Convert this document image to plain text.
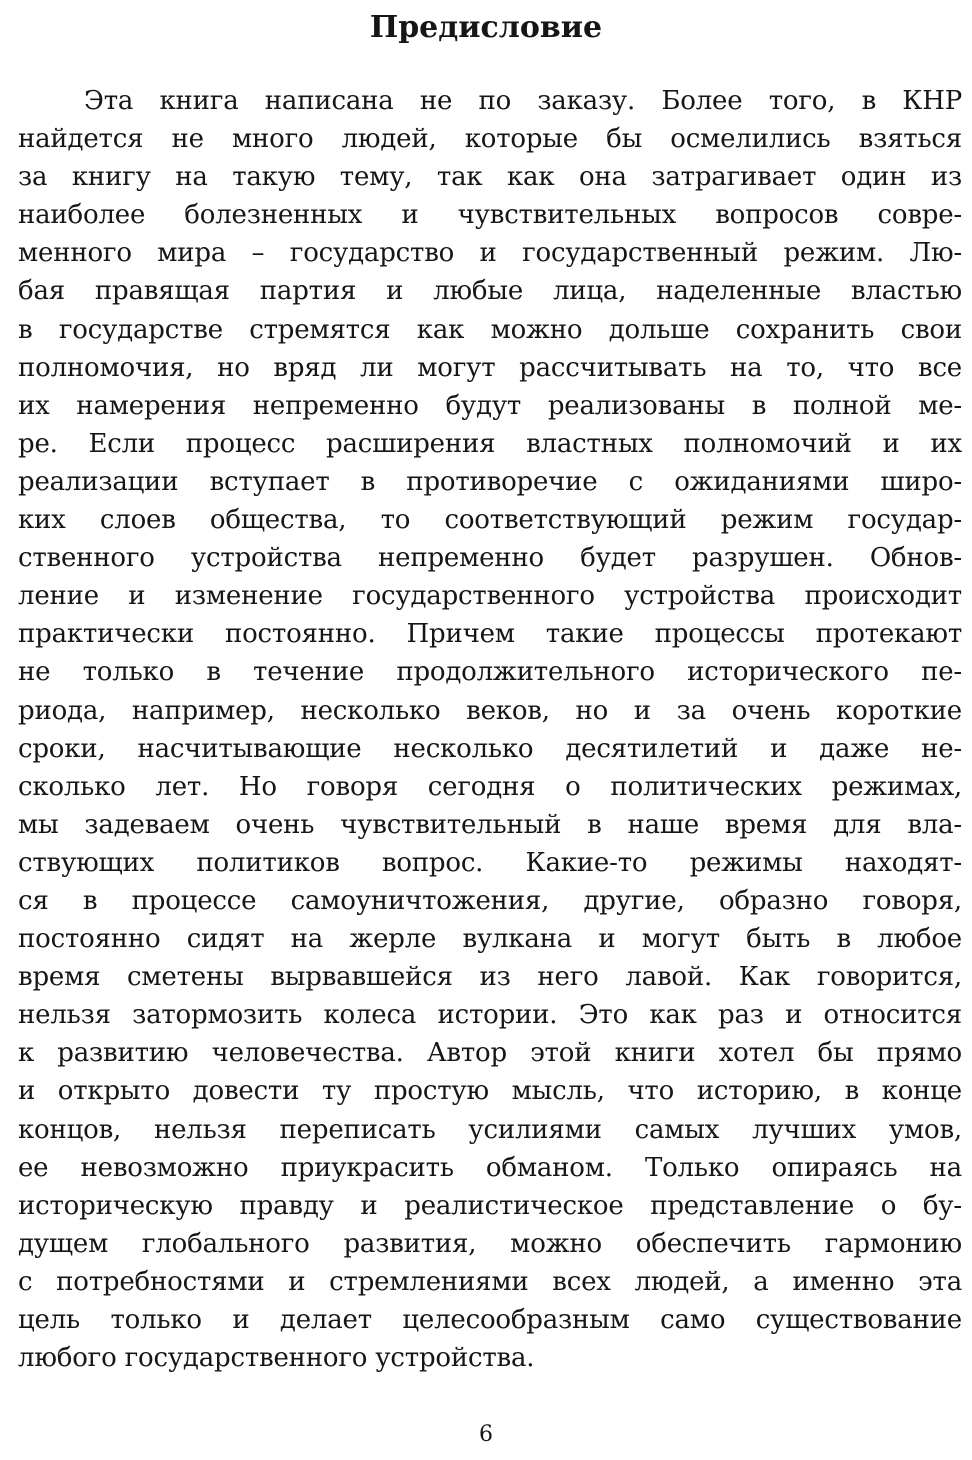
Предисловие
Эта книга написана не по заказу. Более того, в КНР
найдется не много людей, которые бы осмелились взяться
за книгу на такую тему, так как она затрагивает один из
наиболее болезненных и чувствительных вопросов совре-
менного мира – государство и государственный режим. Лю-
бая правящая партия и любые лица, наделенные властью
в государстве стремятся как можно дольше сохранить свои
полномочия, но вряд ли могут рассчитывать на то, что все
их намерения непременно будут реализованы в полной ме-
ре. Если процесс расширения властных полномочий и их
реализации вступает в противоречие с ожиданиями широ-
ких слоев общества, то соответствующий режим государ-
ственного устройства непременно будет разрушен. Обнов-
ление и изменение государственного устройства происходит
практически постоянно. Причем такие процессы протекают
не только в течение продолжительного исторического пе-
риода, например, несколько веков, но и за очень короткие
сроки, насчитывающие несколько десятилетий и даже не-
сколько лет. Но говоря сегодня о политических режимах,
мы задеваем очень чувствительный в наше время для вла-
ствующих политиков вопрос. Какие-то режимы находят-
ся в процессе самоуничтожения, другие, образно говоря,
постоянно сидят на жерле вулкана и могут быть в любое
время сметены вырвавшейся из него лавой. Как говорится,
нельзя затормозить колеса истории. Это как раз и относится
к развитию человечества. Автор этой книги хотел бы прямо
и открыто довести ту простую мысль, что историю, в конце
концов, нельзя переписать усилиями самых лучших умов,
ее невозможно приукрасить обманом. Только опираясь на
историческую правду и реалистическое представление о бу-
дущем глобального развития, можно обеспечить гармонию
с потребностями и стремлениями всех людей, а именно эта
цель только и делает целесообразным само существование
любого государственного устройства.
6
